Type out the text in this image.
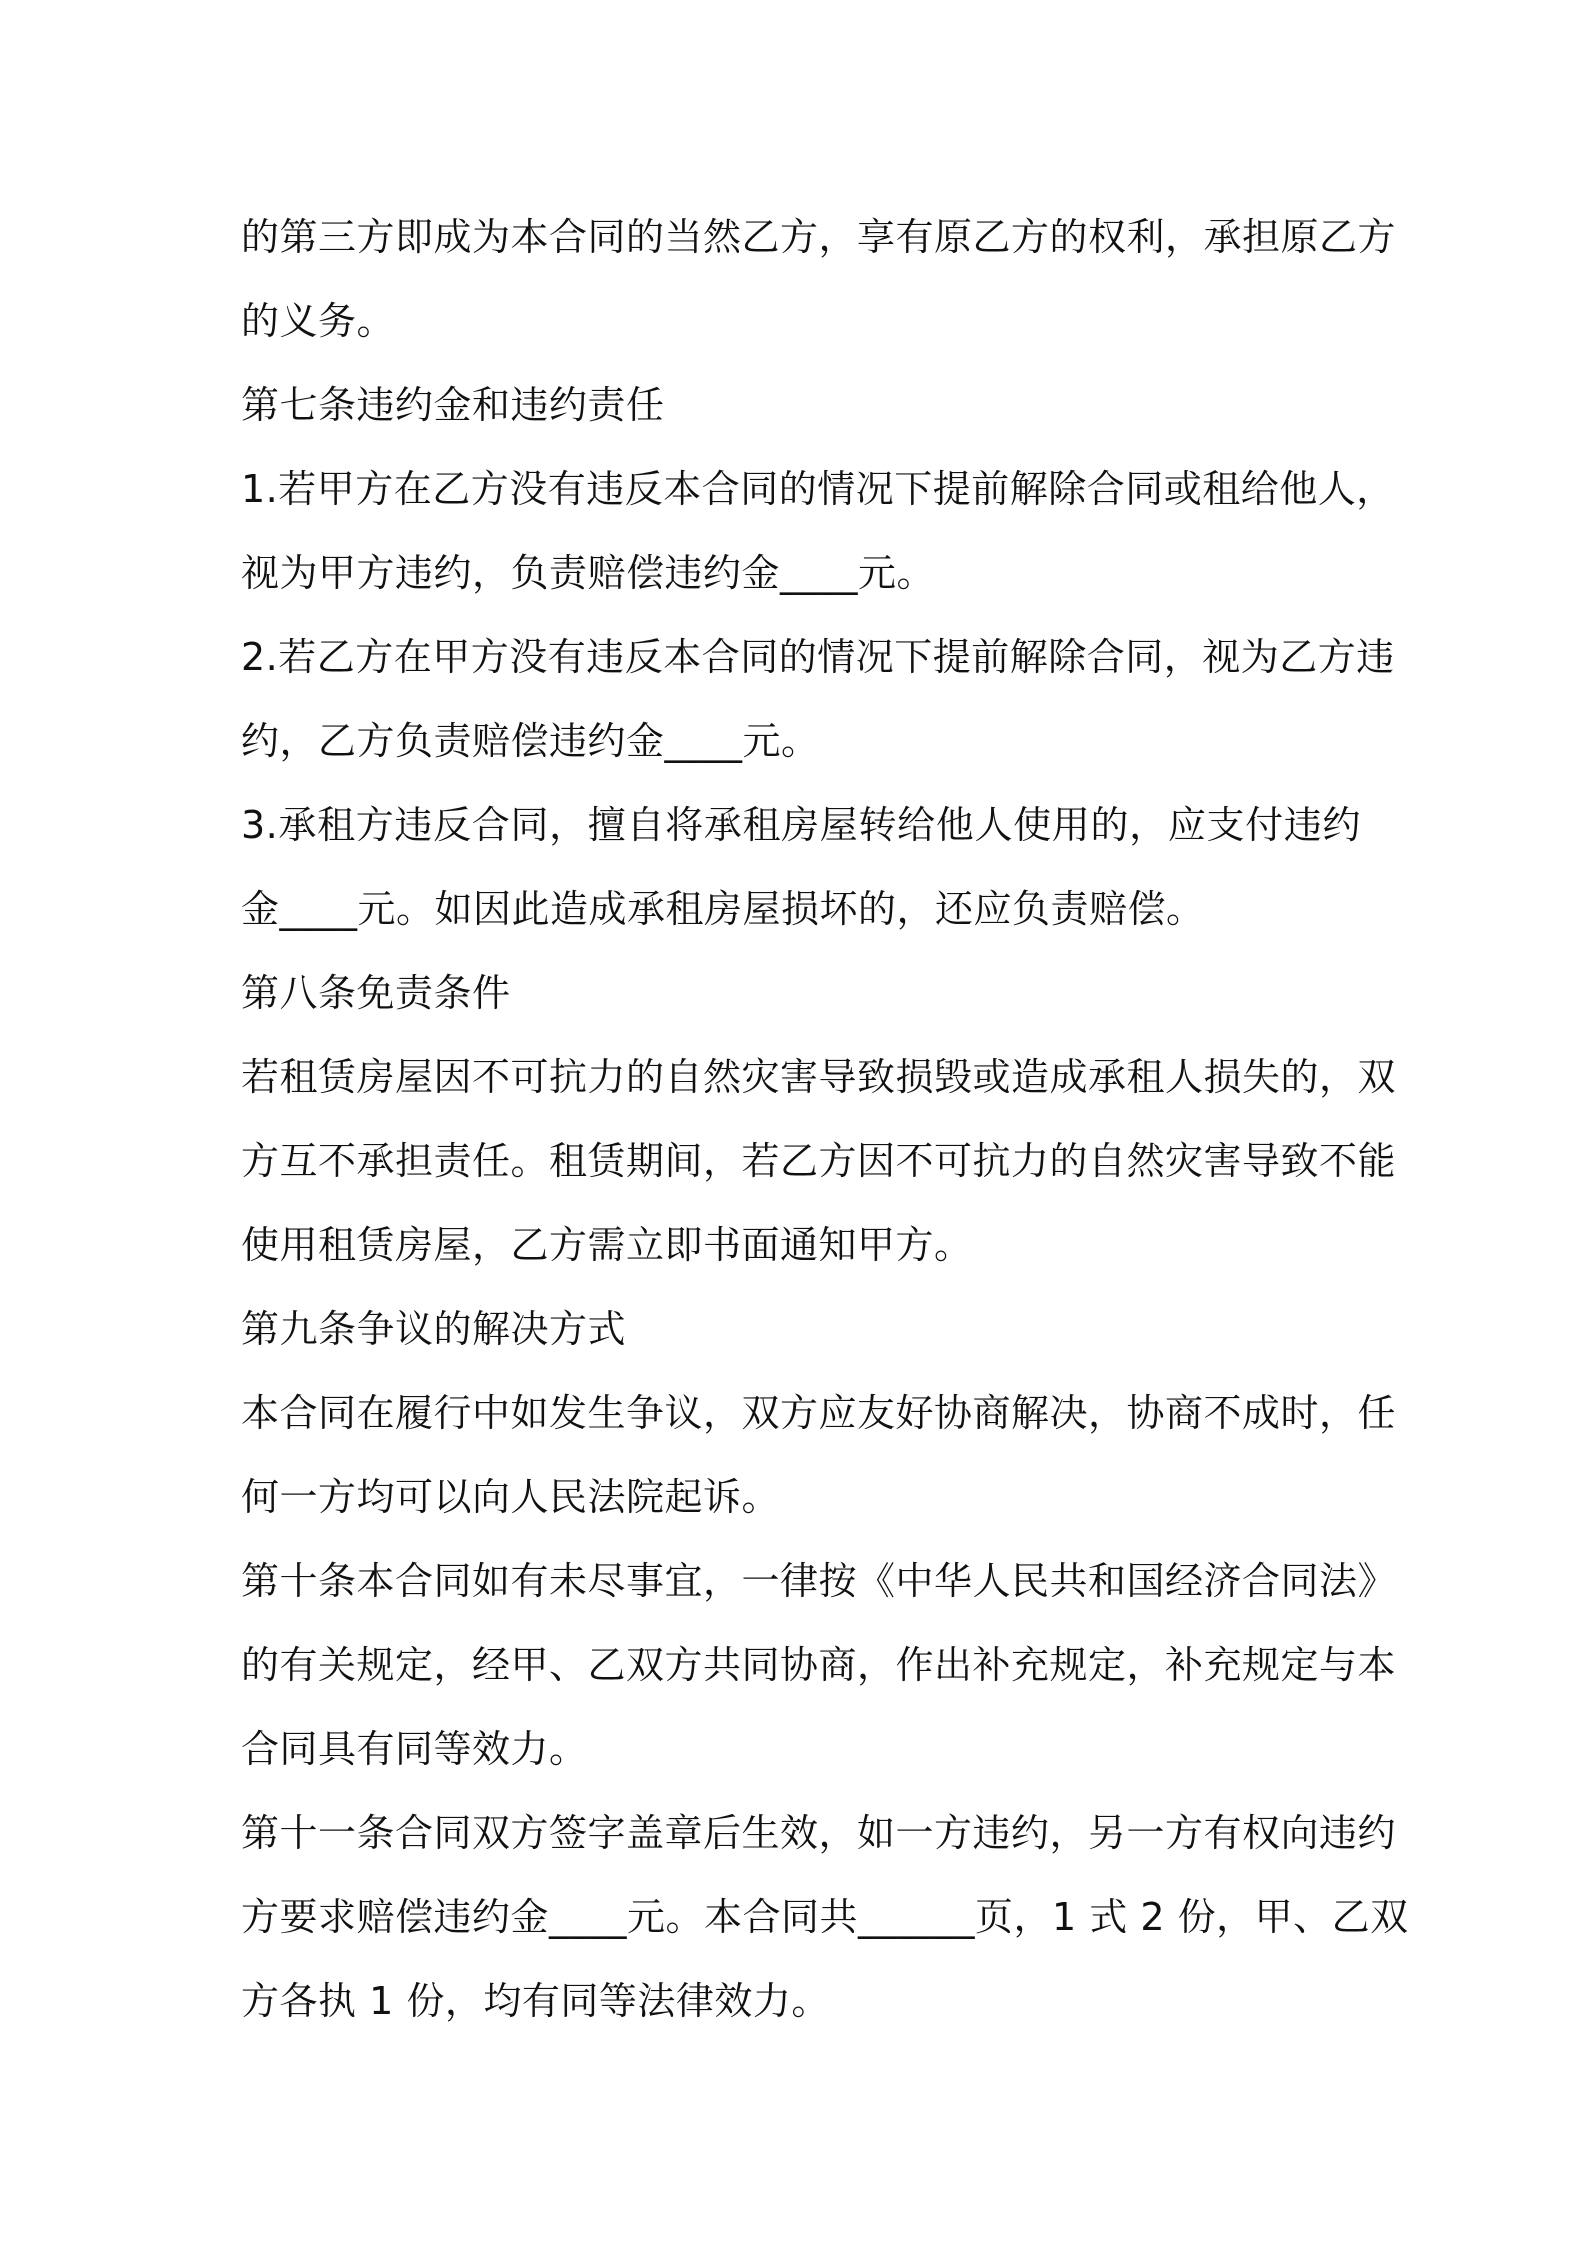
的第三方即成为本合同的当然乙方，享有原乙方的权利，承担原乙方
的义务。
第七条违约金和违约责任
1.若甲方在乙方没有违反本合同的情况下提前解除合同或租给他人，
视为甲方违约，负责赔偿违约金____元。
2.若乙方在甲方没有违反本合同的情况下提前解除合同，视为乙方违
约，乙方负责赔偿违约金____元。
3.承租方违反合同，擅自将承租房屋转给他人使用的，应支付违约
金____元。如因此造成承租房屋损坏的，还应负责赔偿。
第八条免责条件
若租赁房屋因不可抗力的自然灾害导致损毁或造成承租人损失的，双
方互不承担责任。租赁期间，若乙方因不可抗力的自然灾害导致不能
使用租赁房屋，乙方需立即书面通知甲方。
第九条争议的解决方式
本合同在履行中如发生争议，双方应友好协商解决，协商不成时，任
何一方均可以向人民法院起诉。
第十条本合同如有未尽事宜，一律按《中华人民共和国经济合同法》
的有关规定，经甲、乙双方共同协商，作出补充规定，补充规定与本
合同具有同等效力。
第十一条合同双方签字盖章后生效，如一方违约，另一方有权向违约
方要求赔偿违约金____元。本合同共______页，1 式 2 份，甲、乙双
方各执 1 份，均有同等法律效力。
